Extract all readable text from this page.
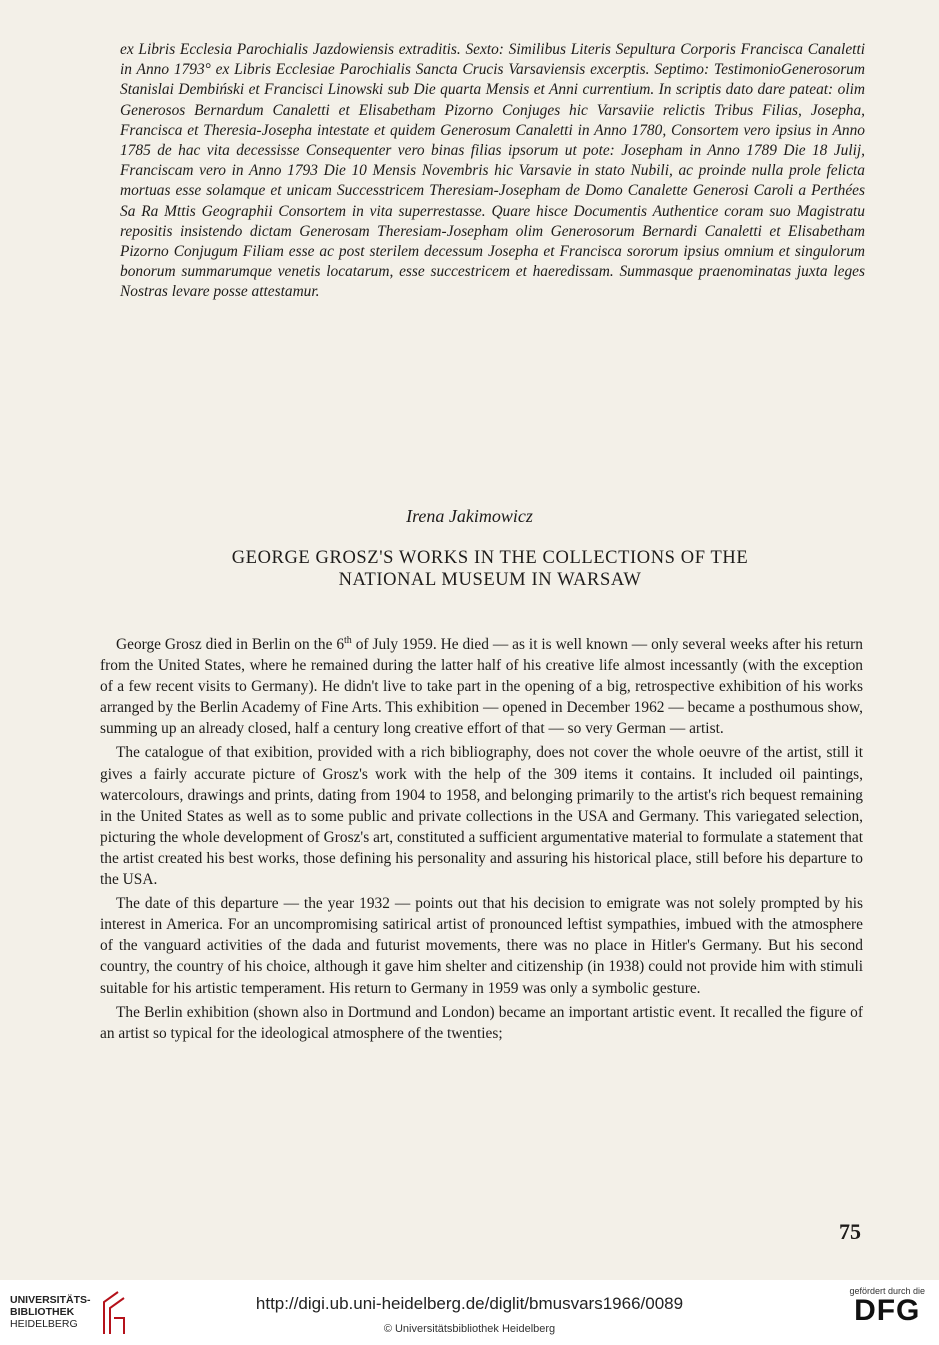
ex Libris Ecclesia Parochialis Jazdowiensis extraditis. Sexto: Similibus Literis Sepultura Corporis Francisca Canaletti in Anno 1793° ex Libris Ecclesiae Parochialis Sancta Crucis Varsaviensis excerptis. Septimo: TestimonioGenerosorum Stanislai Dembiński et Francisci Linowski sub Die quarta Mensis et Anni currentium. In scriptis dato dare pateat: olim Generosos Bernardum Canaletti et Elisabetham Pizorno Conjuges hic Varsaviie relictis Tribus Filias, Josepha, Francisca et Theresia-Josepha intestate et quidem Generosum Canaletti in Anno 1780, Consortem vero ipsius in Anno 1785 de hac vita decessisse Consequenter vero binas filias ipsorum ut pote: Josepham in Anno 1789 Die 18 Julij, Franciscam vero in Anno 1793 Die 10 Mensis Novembris hic Varsavie in stato Nubili, ac proinde nulla prole felicta mortuas esse solamque et unicam Successtricem Theresiam-Josepham de Domo Canalette Generosi Caroli a Perthées Sa Ra Mttis Geographii Consortem in vita superrestasse. Quare hisce Documentis Authentice coram suo Magistratu repositis insistendo dictam Generosam Theresiam-Josepham olim Generosorum Bernardi Canaletti et Elisabetham Pizorno Conjugum Filiam esse ac post sterilem decessum Josepha et Francisca sororum ipsius omnium et singulorum bonorum summarumque venetis locatarum, esse succestricem et haeredissam. Summasque praenominatas juxta leges Nostras levare posse attestamur.

Irena Jakimowicz
GEORGE GROSZ'S WORKS IN THE COLLECTIONS OF THE
NATIONAL MUSEUM IN WARSAW

George Grosz died in Berlin on the 6th of July 1959. He died — as it is well known — only several weeks after his return from the United States, where he remained during the latter half of his creative life almost incessantly (with the exception of a few recent visits to Germany). He didn't live to take part in the opening of a big, retrospective exhibition of his works arranged by the Berlin Academy of Fine Arts. This exhibition — opened in December 1962 — became a posthumous show, summing up an already closed, half a century long creative effort of that — so very German — artist.

The catalogue of that exibition, provided with a rich bibliography, does not cover the whole oeuvre of the artist, still it gives a fairly accurate picture of Grosz's work with the help of the 309 items it contains. It included oil paintings, watercolours, drawings and prints, dating from 1904 to 1958, and belonging primarily to the artist's rich bequest remaining in the United States as well as to some public and private collections in the USA and Germany. This variegated selection, picturing the whole development of Grosz's art, constituted a sufficient argumentative material to formulate a statement that the artist created his best works, those defining his personality and assuring his historical place, still before his departure to the USA.

The date of this departure — the year 1932 — points out that his decision to emigrate was not solely prompted by his interest in America. For an uncompromising satirical artist of pronounced leftist sympathies, imbued with the atmosphere of the vanguard activities of the dada and futurist movements, there was no place in Hitler's Germany. But his second country, the country of his choice, although it gave him shelter and citizenship (in 1938) could not provide him with stimuli suitable for his artistic temperament. His return to Germany in 1959 was only a symbolic gesture.

The Berlin exhibition (shown also in Dortmund and London) became an important artistic event. It recalled the figure of an artist so typical for the ideological atmosphere of the twenties;

75
UNIVERSITÄTS-
BIBLIOTHEK
HEIDELBERG
http://digi.ub.uni-heidelberg.de/diglit/bmusvars1966/0089
© Universitätsbibliothek Heidelberg
gefördert durch die
DFG
